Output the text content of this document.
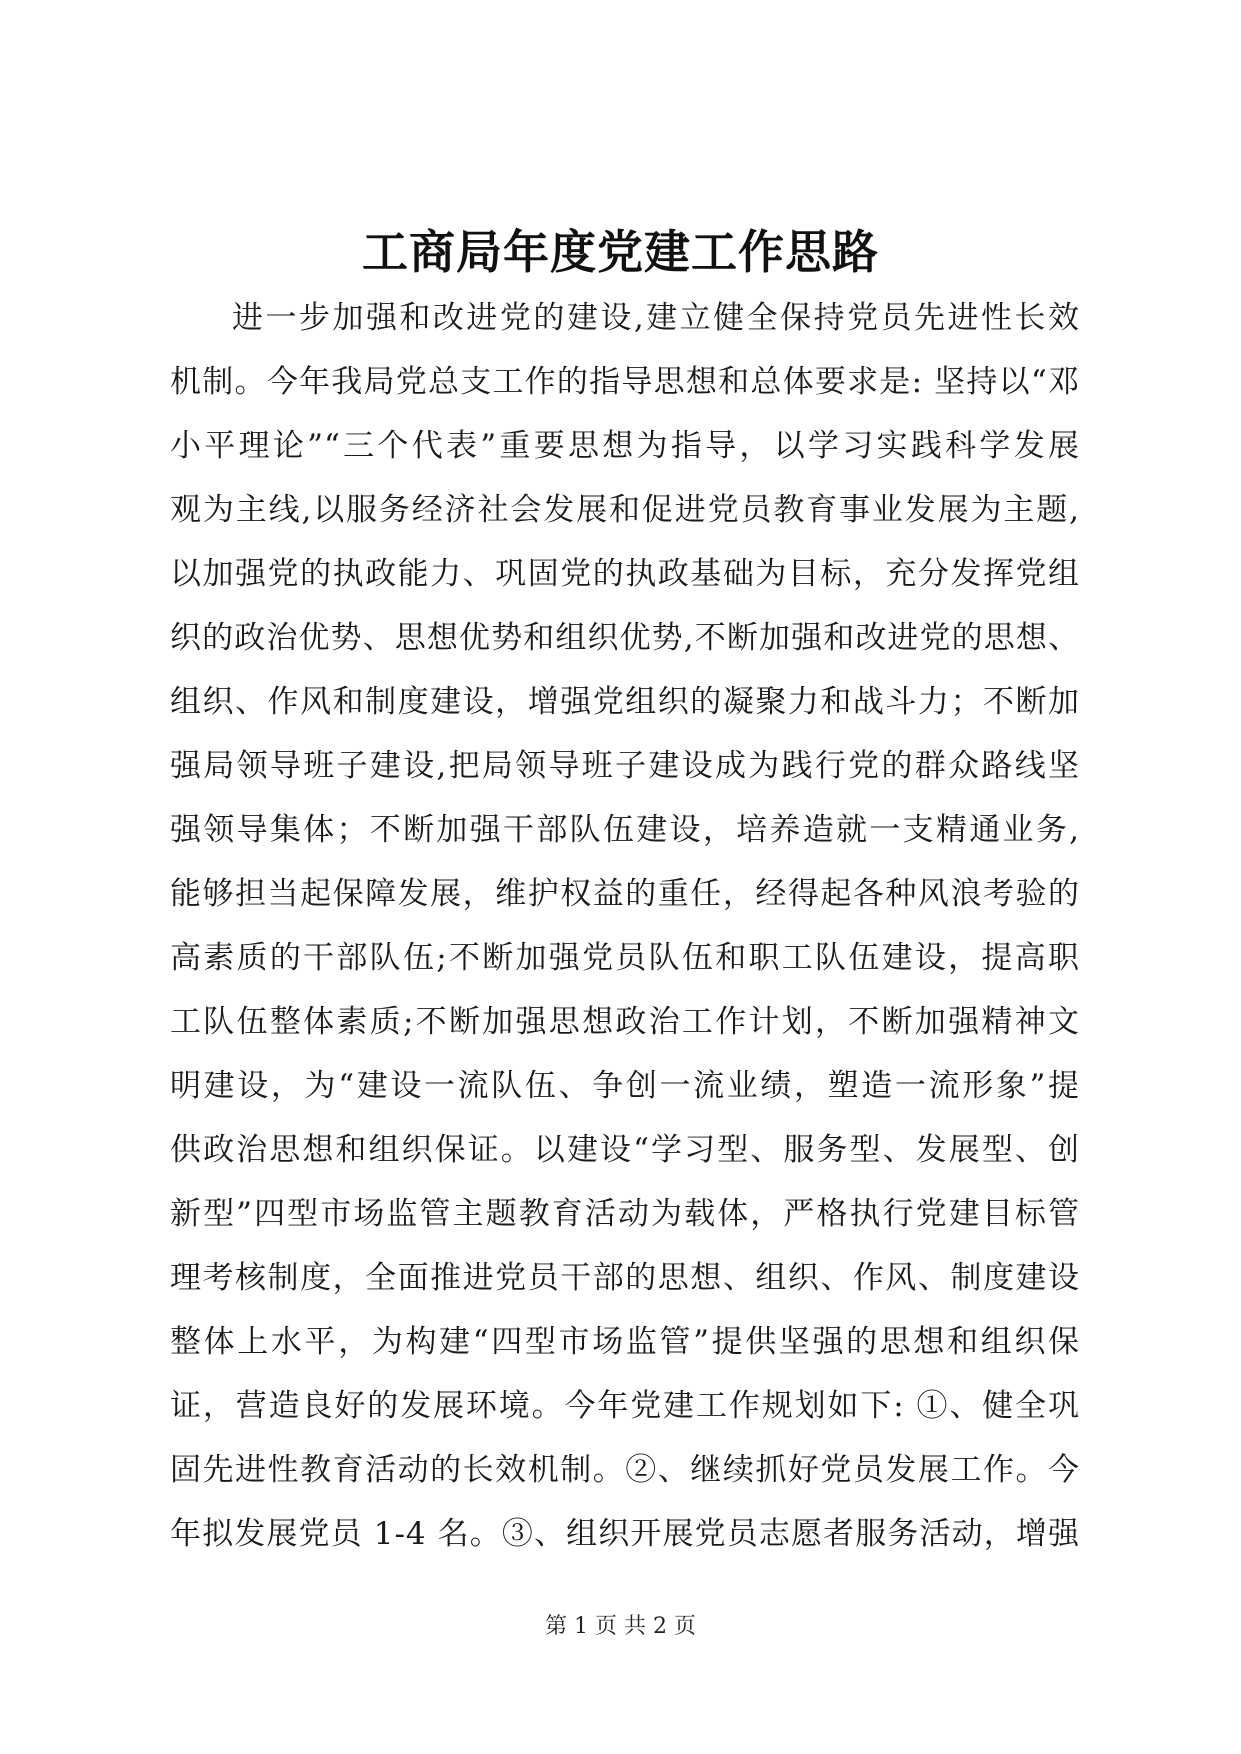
工商局年度党建工作思路
进一步加强和改进党的建设,建立健全保持党员先进性长效
机制。今年我局党总支工作的指导思想和总体要求是: 坚持以“邓
小平理论”“三个代表”重要思想为指导，以学习实践科学发展
观为主线,以服务经济社会发展和促进党员教育事业发展为主题,
以加强党的执政能力、巩固党的执政基础为目标，充分发挥党组
织的政治优势、思想优势和组织优势,不断加强和改进党的思想、
组织、作风和制度建设，增强党组织的凝聚力和战斗力；不断加
强局领导班子建设,把局领导班子建设成为践行党的群众路线坚
强领导集体；不断加强干部队伍建设，培养造就一支精通业务,
能够担当起保障发展，维护权益的重任，经得起各种风浪考验的
高素质的干部队伍;不断加强党员队伍和职工队伍建设，提高职
工队伍整体素质;不断加强思想政治工作计划，不断加强精神文
明建设，为“建设一流队伍、争创一流业绩，塑造一流形象”提
供政治思想和组织保证。以建设“学习型、服务型、发展型、创
新型”四型市场监管主题教育活动为载体，严格执行党建目标管
理考核制度，全面推进党员干部的思想、组织、作风、制度建设
整体上水平，为构建“四型市场监管”提供坚强的思想和组织保
证，营造良好的发展环境。今年党建工作规划如下: ①、健全巩
固先进性教育活动的长效机制。②、继续抓好党员发展工作。今
年拟发展党员 1-4 名。③、组织开展党员志愿者服务活动，增强
第 1 页 共 2 页
